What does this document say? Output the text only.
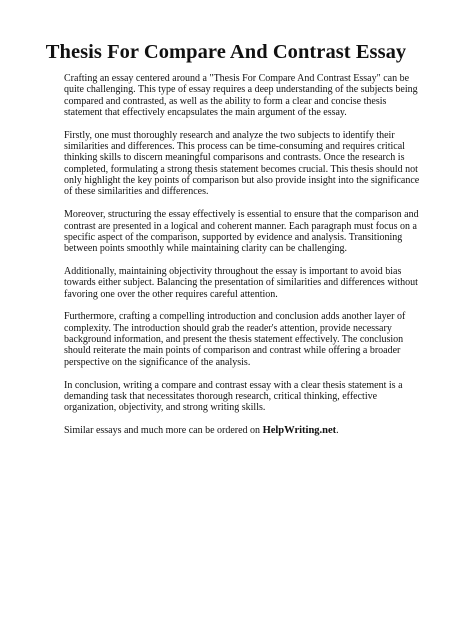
Thesis For Compare And Contrast Essay

Crafting an essay centered around a "Thesis For Compare And Contrast Essay" can be quite challenging. This type of essay requires a deep understanding of the subjects being compared and contrasted, as well as the ability to form a clear and concise thesis statement that effectively encapsulates the main argument of the essay.

Firstly, one must thoroughly research and analyze the two subjects to identify their similarities and differences. This process can be time-consuming and requires critical thinking skills to discern meaningful comparisons and contrasts. Once the research is completed, formulating a strong thesis statement becomes crucial. This thesis should not only highlight the key points of comparison but also provide insight into the significance of these similarities and differences.

Moreover, structuring the essay effectively is essential to ensure that the comparison and contrast are presented in a logical and coherent manner. Each paragraph must focus on a specific aspect of the comparison, supported by evidence and analysis. Transitioning between points smoothly while maintaining clarity can be challenging.

Additionally, maintaining objectivity throughout the essay is important to avoid bias towards either subject. Balancing the presentation of similarities and differences without favoring one over the other requires careful attention.

Furthermore, crafting a compelling introduction and conclusion adds another layer of complexity. The introduction should grab the reader's attention, provide necessary background information, and present the thesis statement effectively. The conclusion should reiterate the main points of comparison and contrast while offering a broader perspective on the significance of the analysis.

In conclusion, writing a compare and contrast essay with a clear thesis statement is a demanding task that necessitates thorough research, critical thinking, effective organization, objectivity, and strong writing skills.

Similar essays and much more can be ordered on HelpWriting.net.
